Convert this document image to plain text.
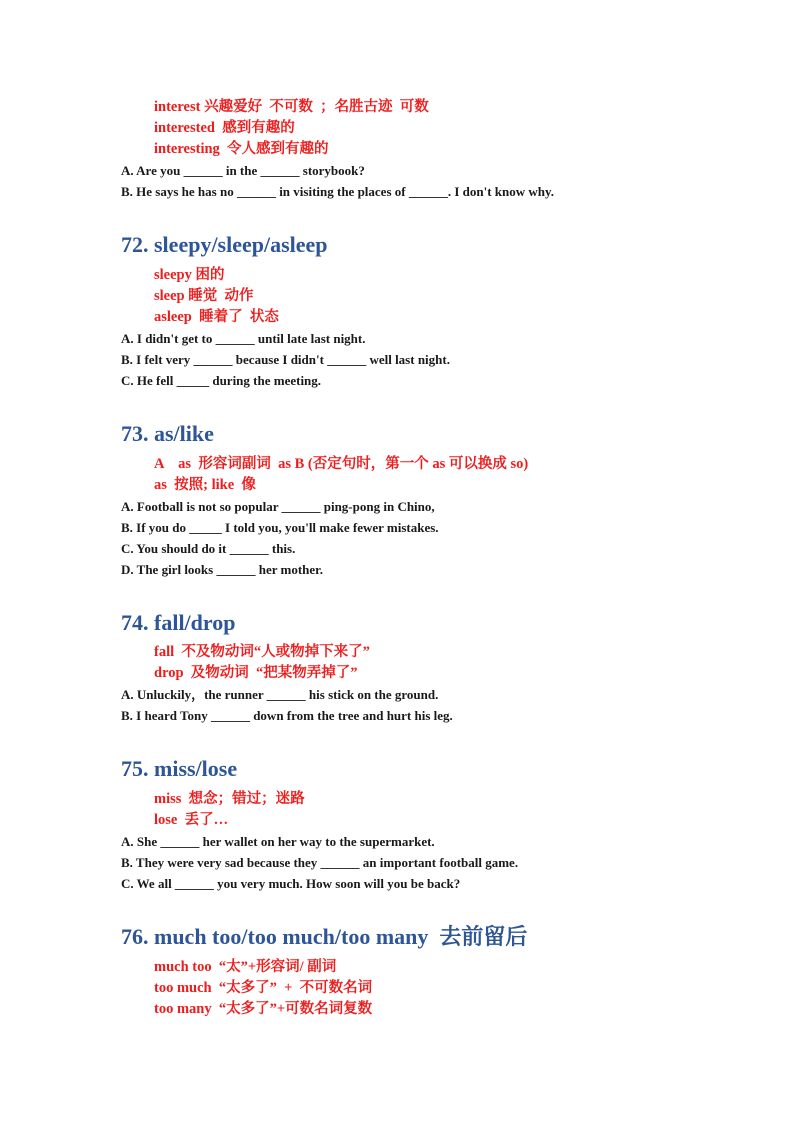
interest 兴趣爱好  不可数  ；名胜古迹  可数
interested  感到有趣的
interesting  令人感到有趣的
A. Are you ______ in the ______ storybook?
B. He says he has no ______ in visiting the places of ______. I don't know why.
72. sleepy/sleep/asleep
sleepy 困的
sleep 睡觉  动作
asleep  睡着了  状态
A. I didn't get to ______ until late last night.
B. I felt very ______ because I didn't ______ well last night.
C. He fell _____ during the meeting.
73. as/like
A    as  形容词副词  as B (否定句时，第一个 as 可以换成 so)
as  按照; like  像
A. Football is not so popular ______ ping-pong in Chino,
B. If you do _____ I told you, you'll make fewer mistakes.
C. You should do it ______ this.
D. The girl looks ______ her mother.
74. fall/drop
fall  不及物动词“人或物掉下来了”
drop  及物动词  “把某物弄掉了”
A. Unluckily，the runner ______ his stick on the ground.
B. I heard Tony ______ down from the tree and hurt his leg.
75. miss/lose
miss  想念；错过；迷路
lose  丢了…
A. She ______ her wallet on her way to the supermarket.
B. They were very sad because they ______ an important football game.
C. We all ______ you very much. How soon will you be back?
76. much too/too much/too many  去前留后
much too  “太”+形容词/ 副词
too much  “太多了”  +  不可数名词
too many  “太多了”+可数名词复数
